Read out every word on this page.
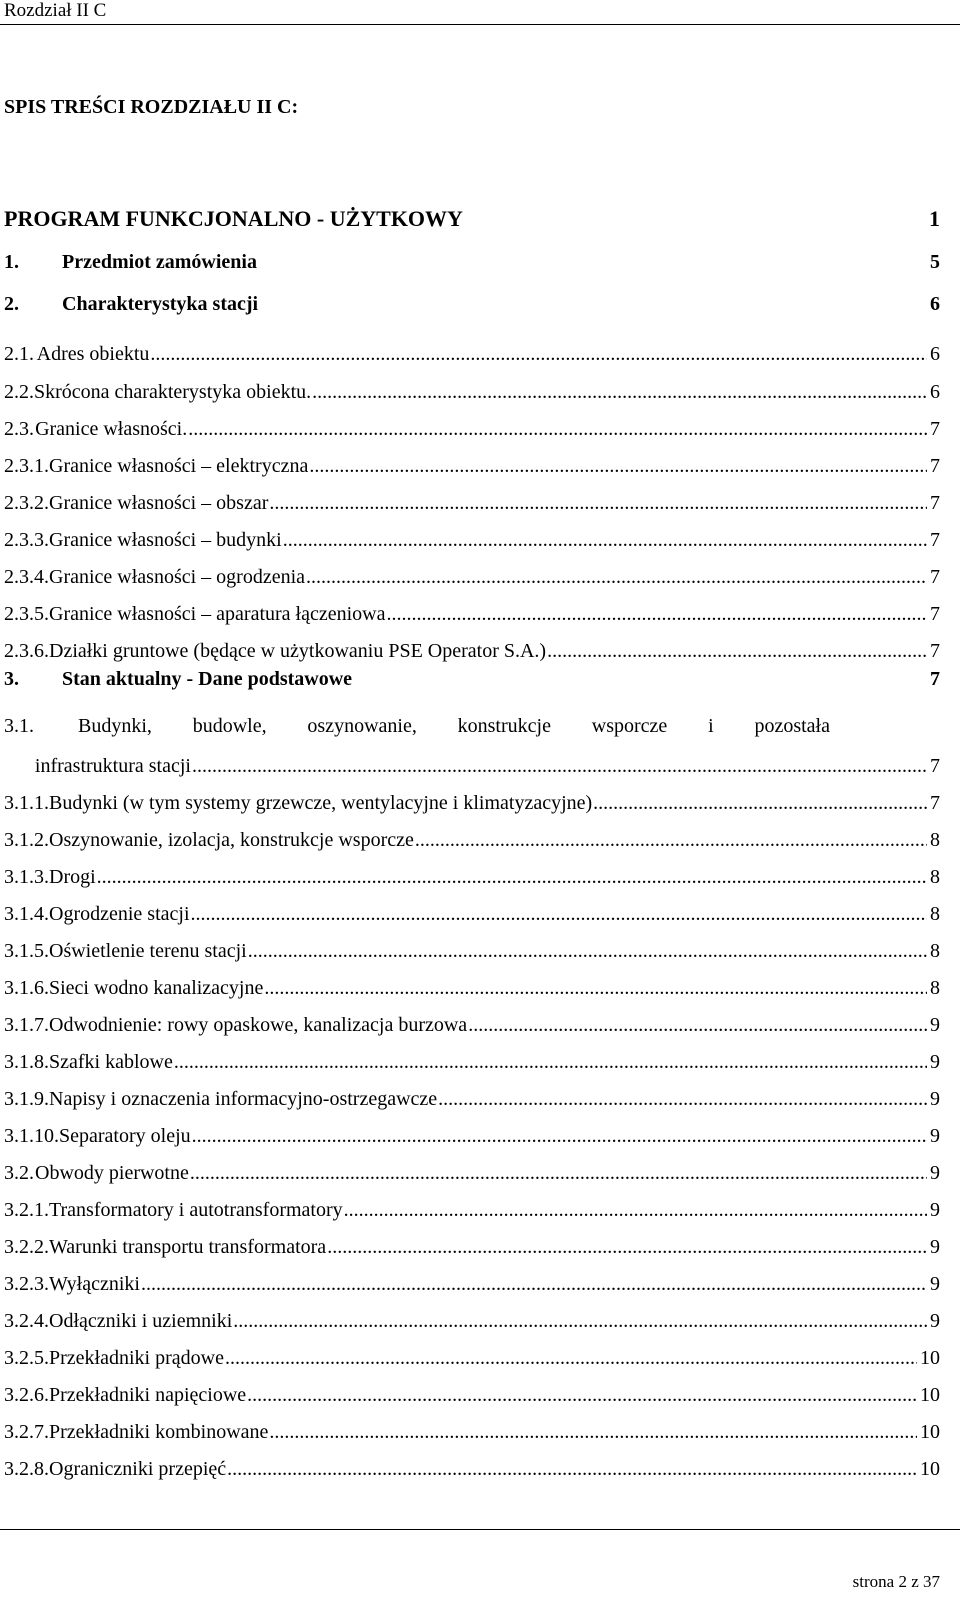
Rozdział II C
SPIS TREŚCI ROZDZIAŁU II C:
PROGRAM FUNKCJONALNO - UŻYTKOWY	1
1.	Przedmiot zamówienia	5
2.	Charakterystyka stacji	6
2.1. Adres obiektu .....	6
2.2. Skrócona charakterystyka obiektu. .....	6
2.3. Granice własności. .....	7
2.3.1. Granice własności – elektryczna .....	7
2.3.2. Granice własności – obszar .....	7
2.3.3. Granice własności – budynki .....	7
2.3.4. Granice własności – ogrodzenia .....	7
2.3.5. Granice własności – aparatura łączeniowa .....	7
2.3.6. Działki gruntowe (będące w użytkowaniu PSE Operator S.A.) .....	7
3.	Stan aktualny - Dane podstawowe	7
3.1.	Budynki, budowle, oszynowanie, konstrukcje wsporcze i pozostała
infrastruktura stacji .....	7
3.1.1. Budynki (w tym systemy grzewcze, wentylacyjne i klimatyzacyjne) .....	7
3.1.2. Oszynowanie, izolacja, konstrukcje wsporcze .....	8
3.1.3. Drogi .....	8
3.1.4. Ogrodzenie stacji .....	8
3.1.5. Oświetlenie terenu stacji .....	8
3.1.6. Sieci wodno kanalizacyjne .....	8
3.1.7. Odwodnienie: rowy opaskowe, kanalizacja burzowa .....	9
3.1.8. Szafki kablowe .....	9
3.1.9. Napisy i oznaczenia informacyjno-ostrzegawcze .....	9
3.1.10. Separatory oleju .....	9
3.2. Obwody pierwotne .....	9
3.2.1. Transformatory i autotransformatory .....	9
3.2.2. Warunki transportu transformatora .....	9
3.2.3. Wyłączniki .....	9
3.2.4. Odłączniki i uziemniki .....	9
3.2.5. Przekładniki prądowe .....	10
3.2.6. Przekładniki napięciowe .....	10
3.2.7. Przekładniki kombinowane .....	10
3.2.8. Ograniczniki przepięć .....	10
strona 2 z 37
